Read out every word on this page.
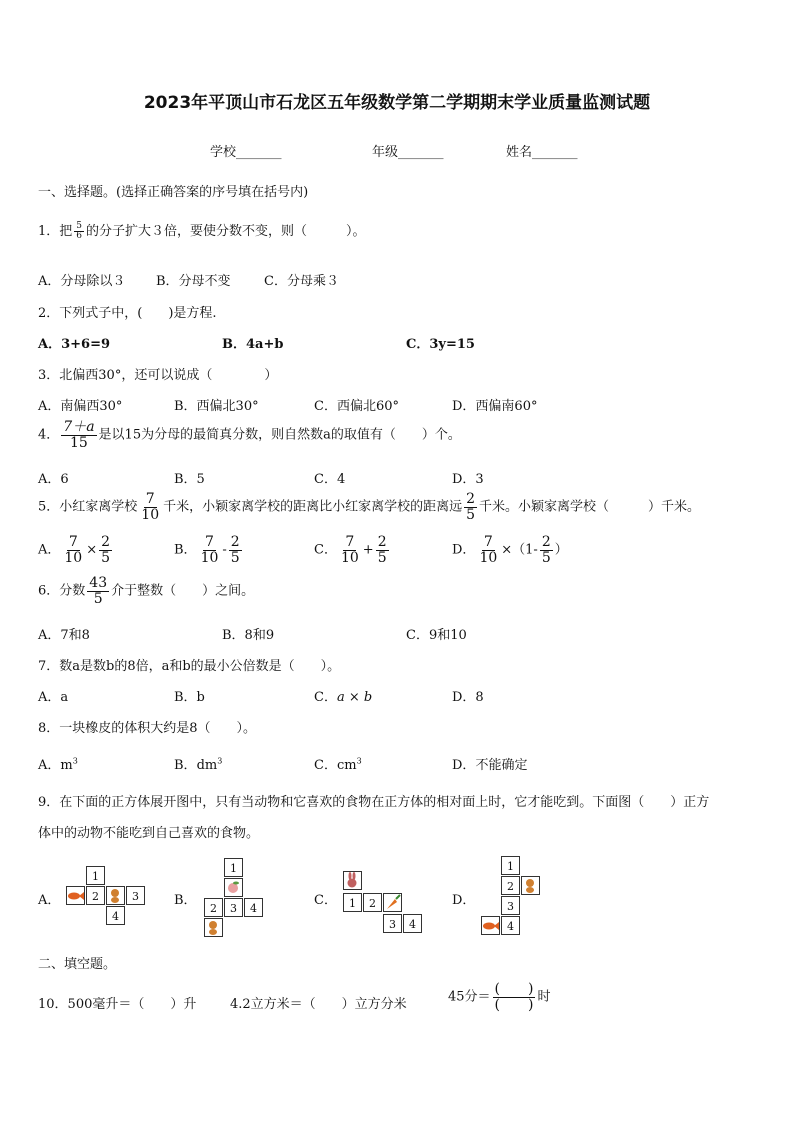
2023年平顶山市石龙区五年级数学第二学期期末学业质量监测试题
学校_______	年级_______	姓名_______
一、选择题。(选择正确答案的序号填在括号内)
1．把 $\frac{5}{6}$ 的分子扩大３倍，要使分数不变，则（　　　）。
A．分母除以３ B．分母不变	C．分母乘３
2．下列式子中，(　　)是方程.
A．3+6=9	B．4a+b	C．3y=15
3．北偏西30°，还可以说成（　　　　）
A．南偏西30°	B．西偏北30°	C．西偏北60°	D．西偏南60°
4． $\frac{7+a}{15}$ 是以15为分母的最简真分数，则自然数a的取值有（　　）个。
A．6	B．5	C．4	D．3
5．小红家离学校 $\frac{7}{10}$ 千米，小颖家离学校的距离比小红家离学校的距离远 $\frac{2}{5}$ 千米。小颖家离学校（　　　）千米。
A． $\frac{7}{10} \times \frac{2}{5}$	B． $\frac{7}{10} - \frac{2}{5}$	C． $\frac{7}{10} + \frac{2}{5}$	D． $\frac{7}{10} \times(1- \frac{2}{5}$ ）
6．分数 $\frac{43}{5}$ 介于整数（　　）之间。
A．7和8	B．8和9	C．9和10
7．数a是数b的8倍，a和b的最小公倍数是（　　）。
A．a	B．b	C．a × b	D．8
8．一块橡皮的体积大约是8（　　）。
A．$m^3$	B．$dm^3$	C．$cm^3$	D．不能确定
9．在下面的正方体展开图中，只有当动物和它喜欢的食物在正方体的相对面上时，它才能吃到。下面图（　　）正方
体中的动物不能吃到自己喜欢的食物。
A．
1
2	3
4
B．
1
2	3	4
C．	1	2
3	4
D．
1
2
3
4
二、填空题。
10．500毫升＝（　　）升	4.2立方米＝（　　）立方分米	45分＝ $\frac{( )}{( )}$ 时
